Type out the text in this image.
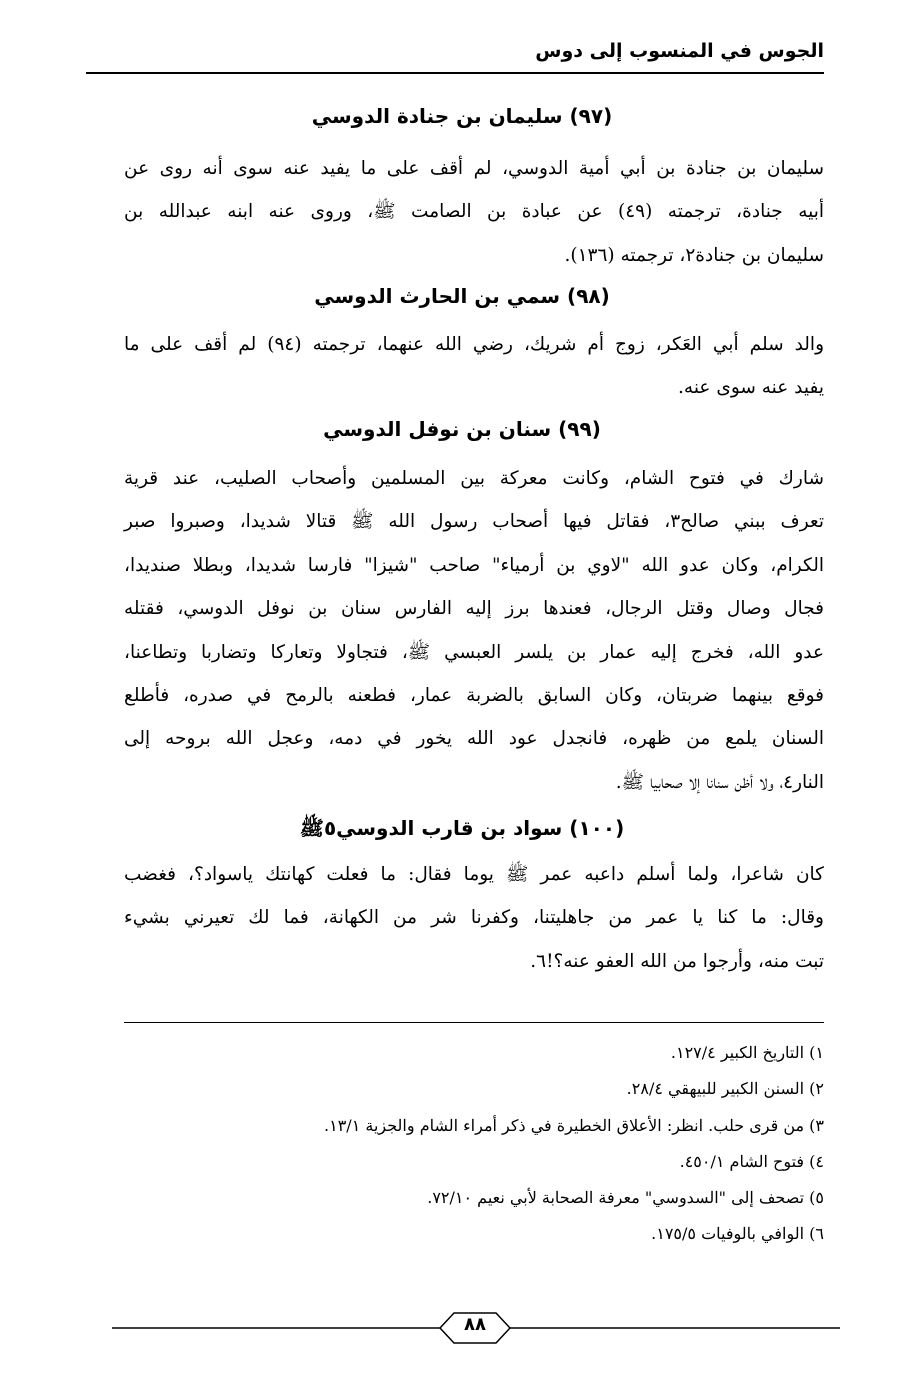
الجوس في المنسوب إلى دوس
(٩٧) سليمان بن جنادة الدوسي
سليمان بن جنادة بن أبي أمية الدوسي، لم أقف على ما يفيد عنه سوى أنه روى عن
أبيه جنادة، ترجمته (٤٩) عن عبادة بن الصامت ﷺ، وروى عنه ابنه عبدالله بن
سليمان بن جنادة٢، ترجمته (١٣٦).
(٩٨) سمي بن الحارث الدوسي
والد سلم أبي العَكر، زوج أم شريك، رضي الله عنهما، ترجمته (٩٤) لم أقف على ما
يفيد عنه سوى عنه.
(٩٩) سنان بن نوفل الدوسي
شارك في فتوح الشام، وكانت معركة بين المسلمين وأصحاب الصليب، عند قرية
تعرف ببني صالح٣، فقاتل فيها أصحاب رسول الله ﷺ قتالا شديدا، وصبروا صبر
الكرام، وكان عدو الله "لاوي بن أرمياء" صاحب "شيزا" فارسا شديدا، وبطلا صنديدا،
فجال وصال وقتل الرجال، فعندها برز إليه الفارس سنان بن نوفل الدوسي، فقتله
عدو الله، فخرج إليه عمار بن يلسر العبسي ﷺ، فتجاولا وتعاركا وتضاربا وتطاعنا،
فوقع بينهما ضربتان، وكان السابق بالضربة عمار، فطعنه بالرمح في صدره، فأطلع
السنان يلمع من ظهره، فانجدل عود الله يخور في دمه، وعجل الله بروحه إلى
النار٤، ولا أظن سنانا إلا صحابيا ﷺ.
(١٠٠) سواد بن قارب الدوسي٥ﷺ
كان شاعرا، ولما أسلم داعبه عمر ﷺ يوما فقال: ما فعلت كهانتك ياسواد؟، فغضب
وقال: ما كنا يا عمر من جاهليتنا، وكفرنا شر من الكهانة، فما لك تعيرني بشيء
تبت منه، وأرجوا من الله العفو عنه؟!٦.
١) التاريخ الكبير ١٢٧/٤.
٢) السنن الكبير للبيهقي ٢٨/٤.
٣) من قرى حلب. انظر: الأعلاق الخطيرة في ذكر أمراء الشام والجزية ١٣/١.
٤) فتوح الشام ٤٥٠/١.
٥) تصحف إلى "السدوسي" معرفة الصحابة لأبي نعيم ٧٢/١٠.
٦) الوافي بالوفيات ١٧٥/٥.
٨٨
